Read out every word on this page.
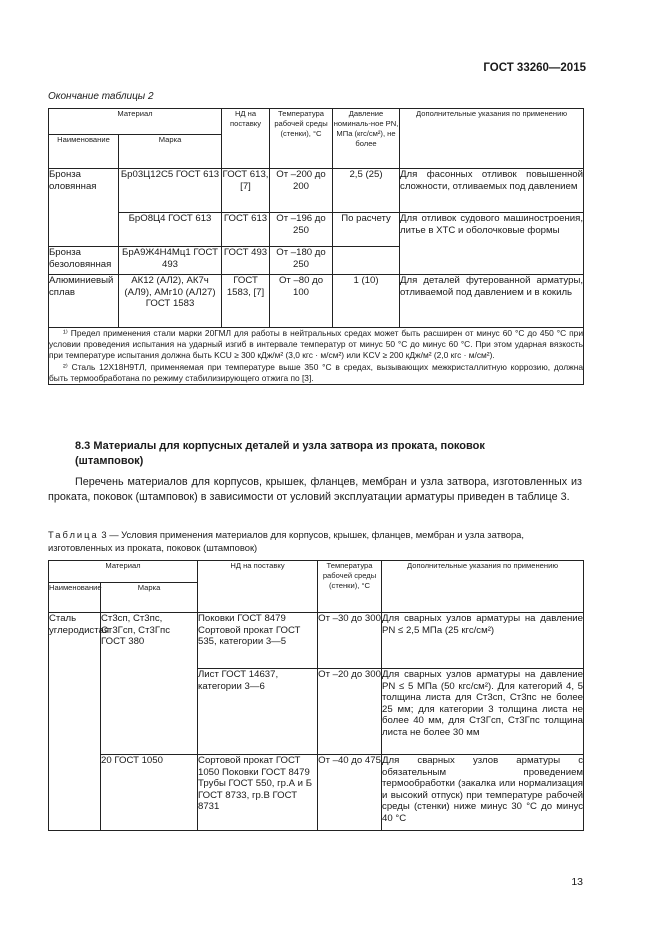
ГОСТ 33260—2015
Окончание таблицы 2
Материал		НД на поставку	Температура рабочей среды (стенки), °С	Давление номиналь-ное PN, МПа (кгс/см²), не более	Дополнительные указания по применению
Наименование	Марка				
Бронза оловянная	Бр03Ц12С5 ГОСТ 613	ГОСТ 613, [7]	От –200 до 200	2,5 (25)	Для фасонных отливок повышенной сложности, отливаемых под давлением
	БрО8Ц4 ГОСТ 613	ГОСТ 613	От –196 до 250	По расчету	Для отливок судового машиностроения, литье в ХТС и оболочковые формы
Бронза безоловянная	БрА9Ж4Н4Мц1 ГОСТ 493	ГОСТ 493	От –180 до 250		
Алюминиевый сплав	АК12 (АЛ2), АК7ч (АЛ9), АМг10 (АЛ27) ГОСТ 1583	ГОСТ 1583, [7]	От –80 до 100	1 (10)	Для деталей футерованной арматуры, отливаемой под давлением и в кокиль

¹⁾ Предел применения стали марки 20ГМЛ для работы в нейтральных средах может быть расширен от минус 60 °С до 450 °С при условии проведения испытания на ударный изгиб в интервале температур от минус 50 °С до минус 60 °С. При этом ударная вязкость при температуре испытания должна быть KCU ≥ 300 кДж/м² (3,0 кгс · м/см²) или KCV ≥ 200 кДж/м² (2,0 кгс · м/см²).
²⁾ Сталь 12Х18Н9ТЛ, применяемая при температуре выше 350 °С в средах, вызывающих межкристаллитную коррозию, должна быть термообработана по режиму стабилизирующего отжига по [3].					
8.3 Материалы для корпусных деталей и узла затвора из проката, поковок (штамповок)
Перечень материалов для корпусов, крышек, фланцев, мембран и узла затвора, изготовленных из проката, поковок (штамповок) в зависимости от условий эксплуатации арматуры приведен в таблице 3.
Таблица 3 — Условия применения материалов для корпусов, крышек, фланцев, мембран и узла затвора, изготовленных из проката, поковок (штамповок)
Материал		НД на поставку	Температура рабочей среды (стенки), °С	Дополнительные указания по применению
Наименование	Марка			
Сталь углеродистая	Ст3сп, Ст3пс, Ст3Гсп, Ст3Гпс ГОСТ 380	Поковки ГОСТ 8479 Сортовой прокат ГОСТ 535, категории 3—5	От –30 до 300	Для сварных узлов арматуры на давление PN ≤ 2,5 МПа (25 кгс/см²)
		Лист ГОСТ 14637, категории 3—6	От –20 до 300	Для сварных узлов арматуры на давление PN ≤ 5 МПа (50 кгс/см²). Для категорий 4, 5 толщина листа для Ст3сп, Ст3пс не более 25 мм; для категории 3 толщина листа не более 40 мм, для Ст3Гсп, Ст3Гпс толщина листа не более 30 мм
	20 ГОСТ 1050	Сортовой прокат ГОСТ 1050 Поковки ГОСТ 8479 Трубы ГОСТ 550, гр.А и Б ГОСТ 8733, гр.В ГОСТ 8731	От –40 до 475	Для сварных узлов арматуры с обязательным проведением термообработки (закалка или нормализация и высокий отпуск) при температуре рабочей среды (стенки) ниже минус 30 °С до минус 40 °С
13
